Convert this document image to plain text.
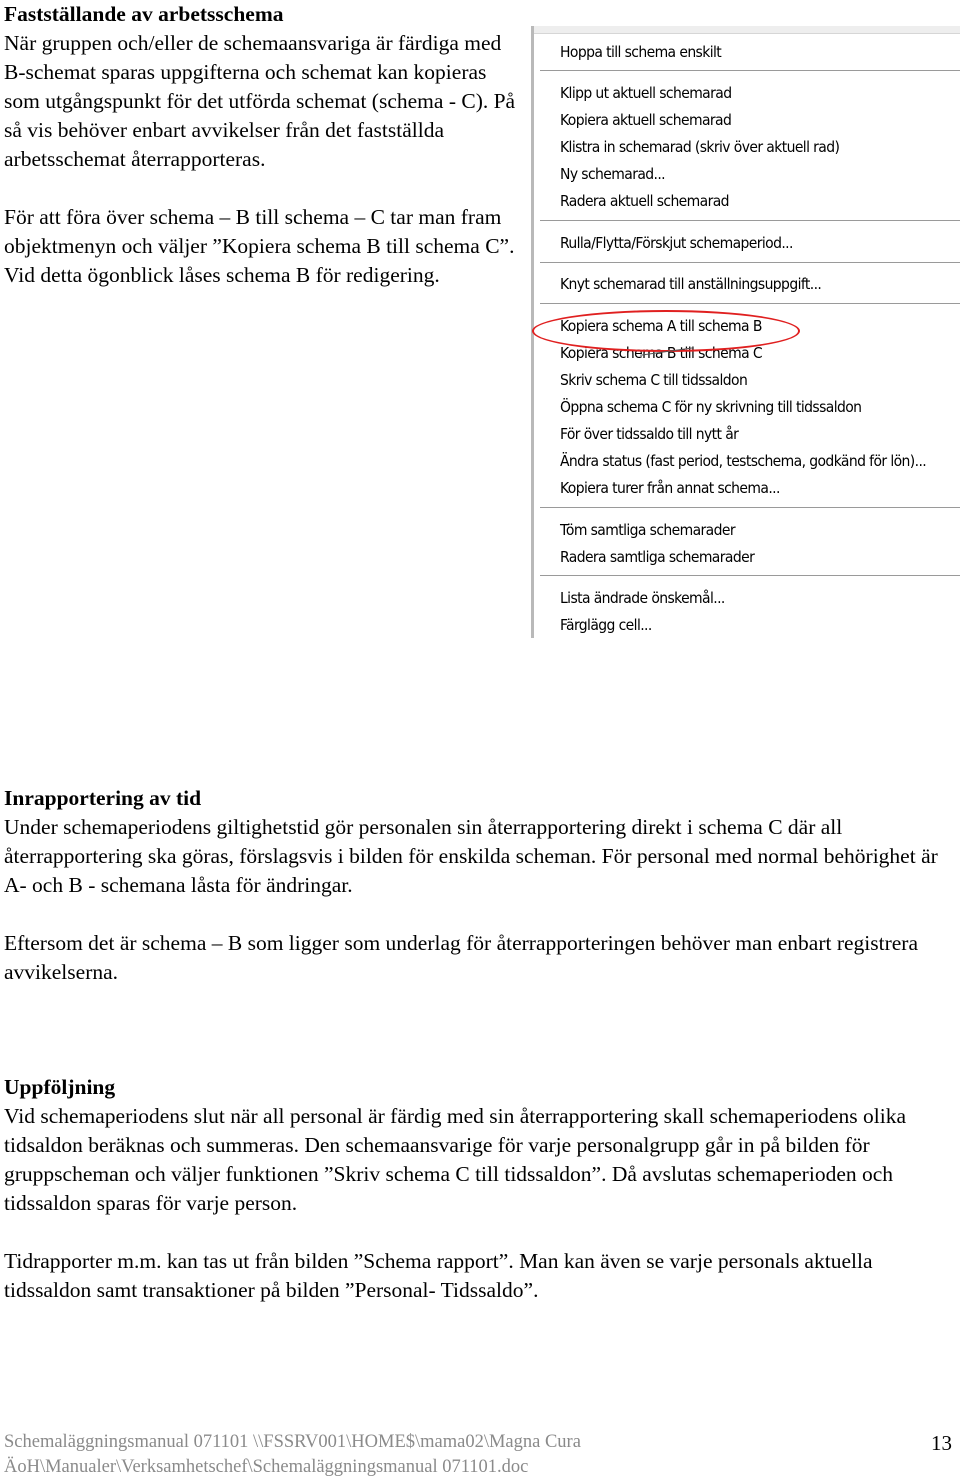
Fastställande av arbetsschema

När gruppen och/eller de schemaansvariga är färdiga med B-schemat sparas uppgifterna och schemat kan kopieras som utgångspunkt för det utförda schemat (schema - C). På så vis behöver enbart avvikelser från det fastställda arbetsschemat återrapporteras.

För att föra över schema – B till schema – C tar man fram objektmenyn och väljer ”Kopiera schema B till schema C”. Vid detta ögonblick låses schema B för redigering.

Hoppa till schema enskilt
Klipp ut aktuell schemarad
Kopiera aktuell schemarad
Klistra in schemarad (skriv över aktuell rad)
Ny schemarad...
Radera aktuell schemarad
Rulla/Flytta/Förskjut schemaperiod...
Knyt schemarad till anställningsuppgift...
Kopiera schema A till schema B
Kopiera schema B till schema C
Skriv schema C till tidssaldon
Öppna schema C för ny skrivning till tidssaldon
För över tidssaldo till nytt år
Ändra status (fast period, testschema, godkänd för lön)...
Kopiera turer från annat schema...
Töm samtliga schemarader
Radera samtliga schemarader
Lista ändrade önskemål...
Färglägg cell...

Inrapportering av tid

Under schemaperiodens giltighetstid gör personalen sin återrapportering direkt i schema C där all återrapportering ska göras, förslagsvis i bilden för enskilda scheman. För personal med normal behörighet är A- och B - schemana låsta för ändringar.

Eftersom det är schema – B som ligger som underlag för återrapporteringen behöver man enbart registrera avvikelserna.

Uppföljning

Vid schemaperiodens slut när all personal är färdig med sin återrapportering skall schemaperiodens olika tidsaldon beräknas och summeras. Den schemaansvarige för varje personalgrupp går in på bilden för gruppscheman och väljer funktionen ”Skriv schema C till tidssaldon”. Då avslutas schemaperioden och tidssaldon sparas för varje person.

Tidrapporter m.m. kan tas ut från bilden ”Schema rapport”. Man kan även se varje personals aktuella tidssaldon samt transaktioner på bilden ”Personal- Tidssaldo”.

Schemaläggningsmanual 071101 \\FSSRV001\HOME$\mama02\Magna Cura
ÄoH\Manualer\Verksamhetschef\Schemaläggningsmanual 071101.doc
13
